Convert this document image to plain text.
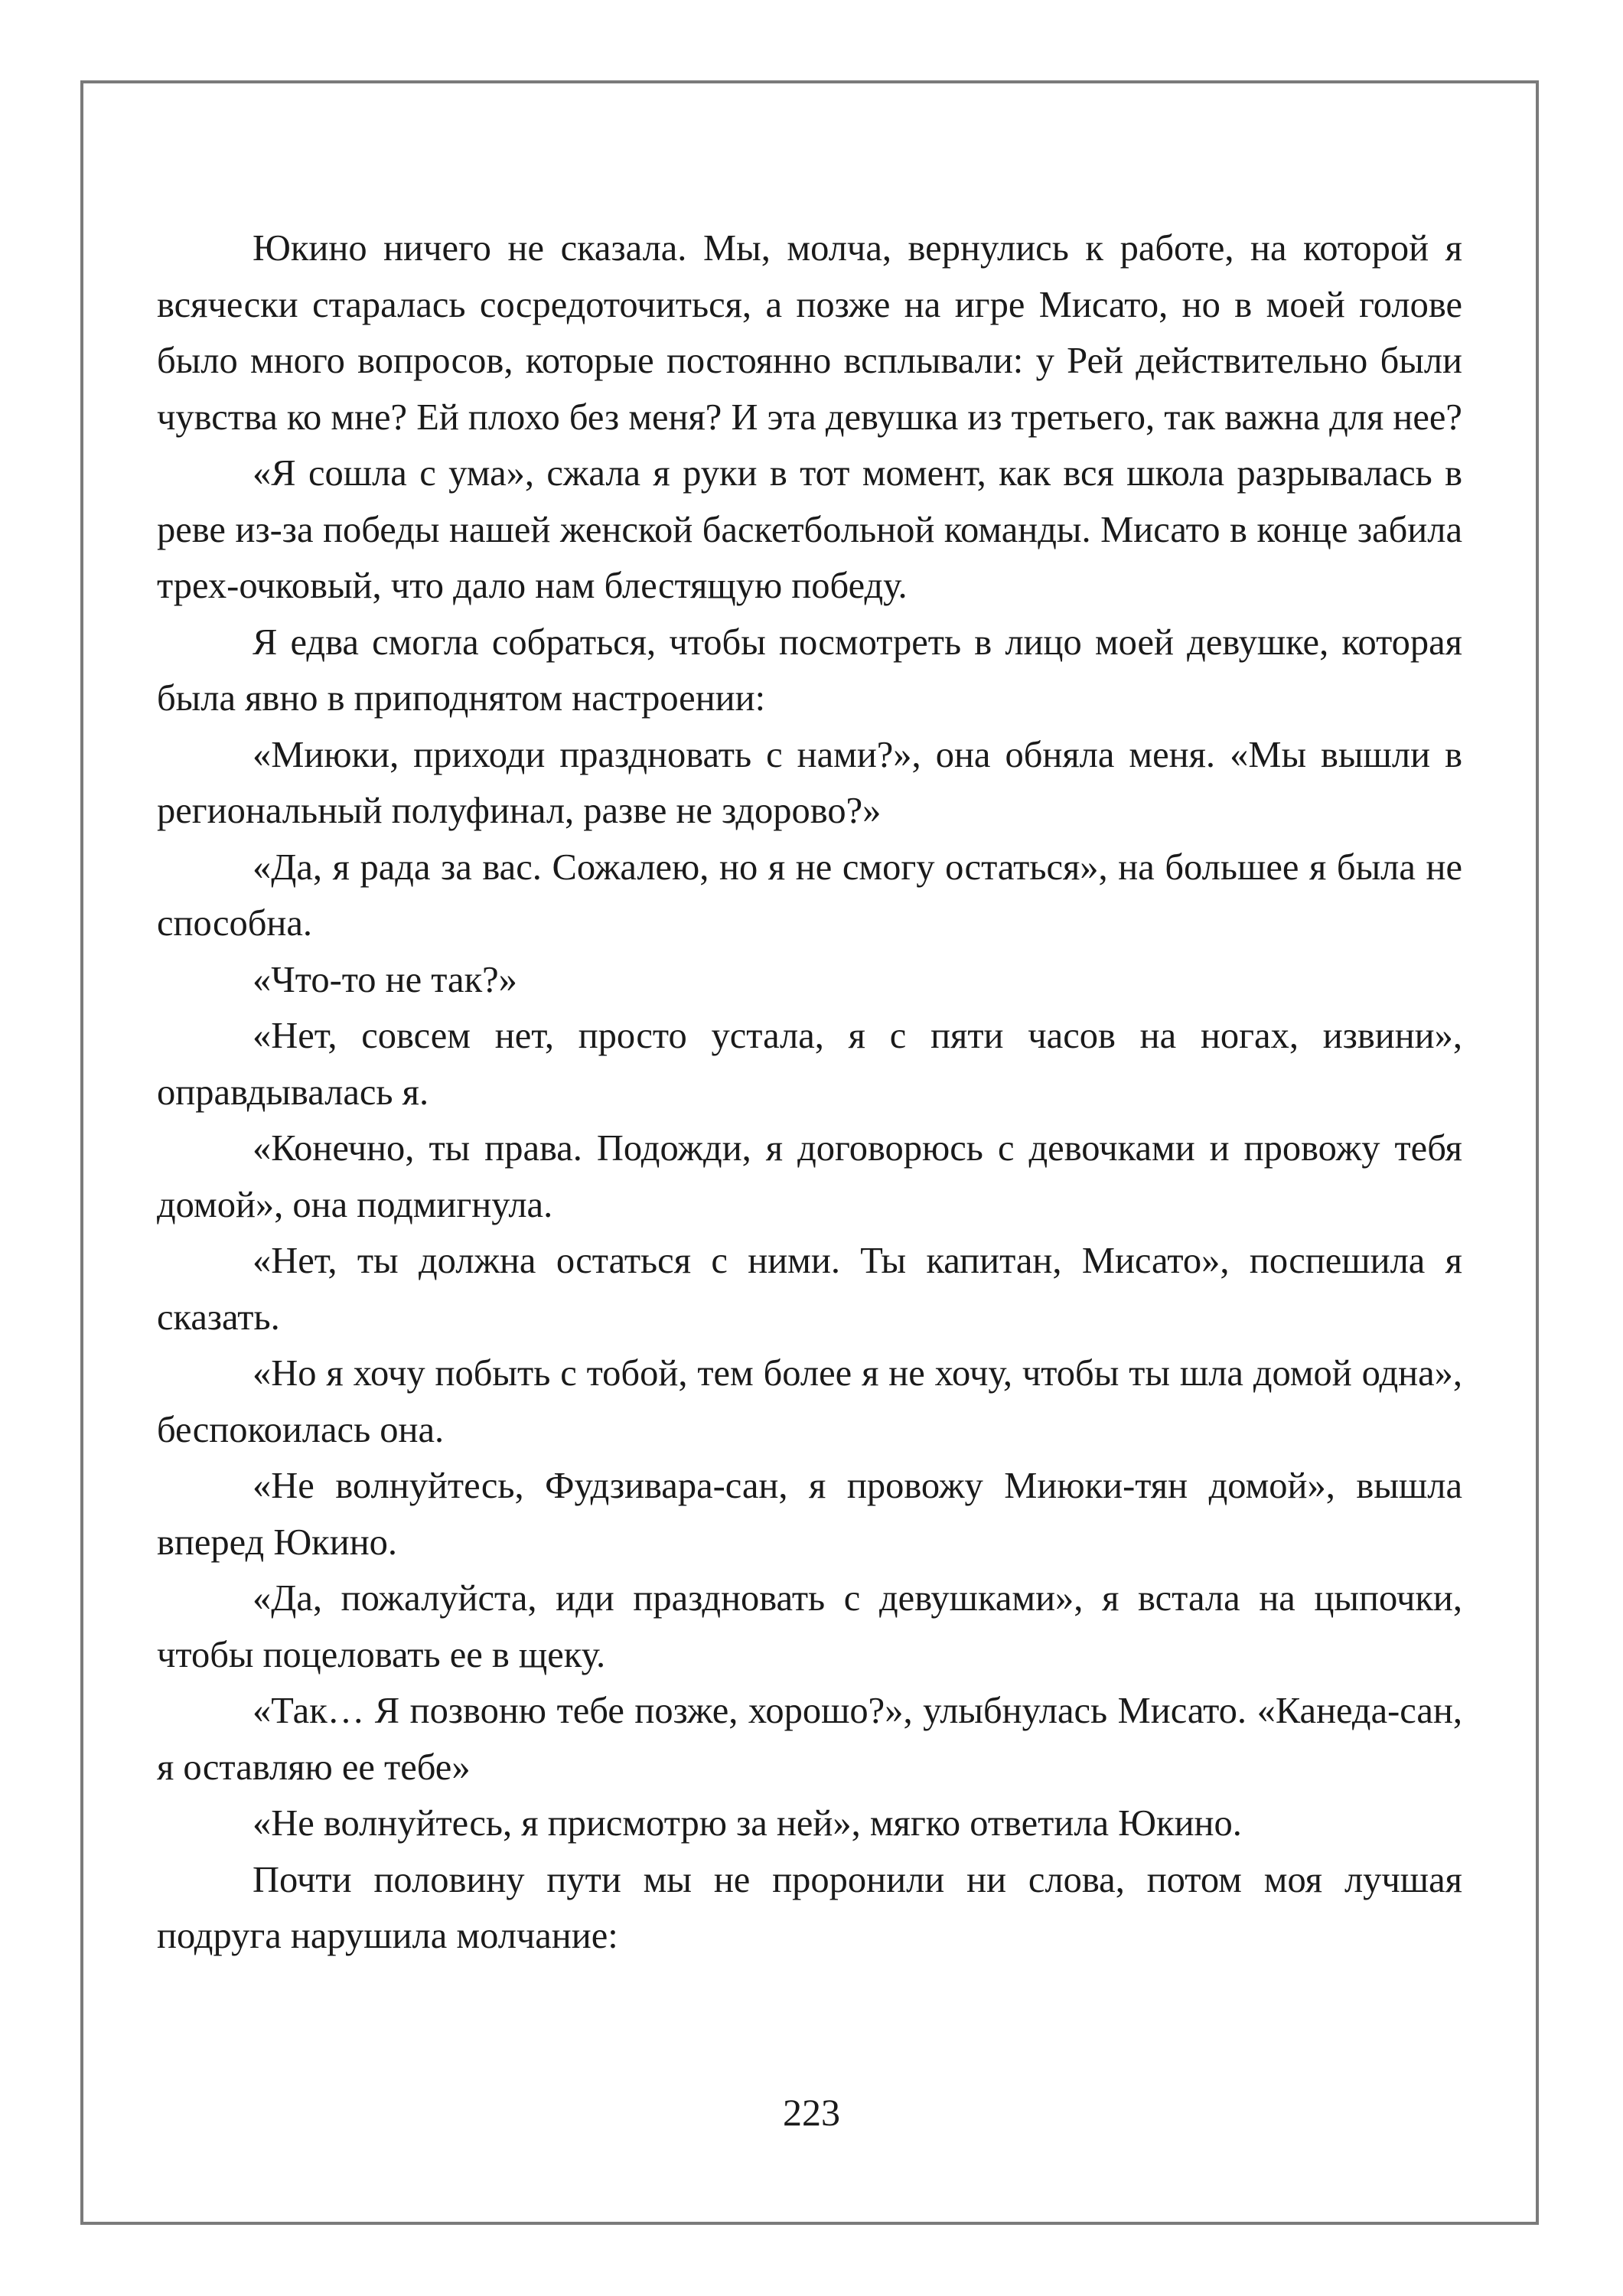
Юкино ничего не сказала. Мы, молча, вернулись к работе, на которой я всячески старалась сосредоточиться, а позже на игре Мисато, но в моей голове было много вопросов, которые постоянно всплывали: у Рей действительно были чувства ко мне? Ей плохо без меня? И эта девушка из третьего, так важна для нее?

«Я сошла с ума», сжала я руки в тот момент, как вся школа разрывалась в реве из-за победы нашей женской баскетбольной команды. Мисато в конце забила трех-очковый, что дало нам блестящую победу.

Я едва смогла собраться, чтобы посмотреть в лицо моей девушке, которая была явно в приподнятом настроении:

«Миюки, приходи праздновать с нами?», она обняла меня. «Мы вышли в региональный полуфинал, разве не здорово?»

«Да, я рада за вас. Сожалею, но я не смогу остаться», на большее я была не способна.

«Что-то не так?»

«Нет, совсем нет, просто устала, я с пяти часов на ногах, извини», оправдывалась я.

«Конечно, ты права. Подожди, я договорюсь с девочками и провожу тебя домой», она подмигнула.

«Нет, ты должна остаться с ними. Ты капитан, Мисато», поспешила я сказать.

«Но я хочу побыть с тобой, тем более я не хочу, чтобы ты шла домой одна», беспокоилась она.

«Не волнуйтесь, Фудзивара-сан, я провожу Миюки-тян домой», вышла вперед Юкино.

«Да, пожалуйста, иди праздновать с девушками», я встала на цыпочки, чтобы поцеловать ее в щеку.

«Так… Я позвоню тебе позже, хорошо?», улыбнулась Мисато. «Канеда-сан, я оставляю ее тебе»

«Не волнуйтесь, я присмотрю за ней», мягко ответила Юкино.

Почти половину пути мы не проронили ни слова, потом моя лучшая подруга нарушила молчание:

223
